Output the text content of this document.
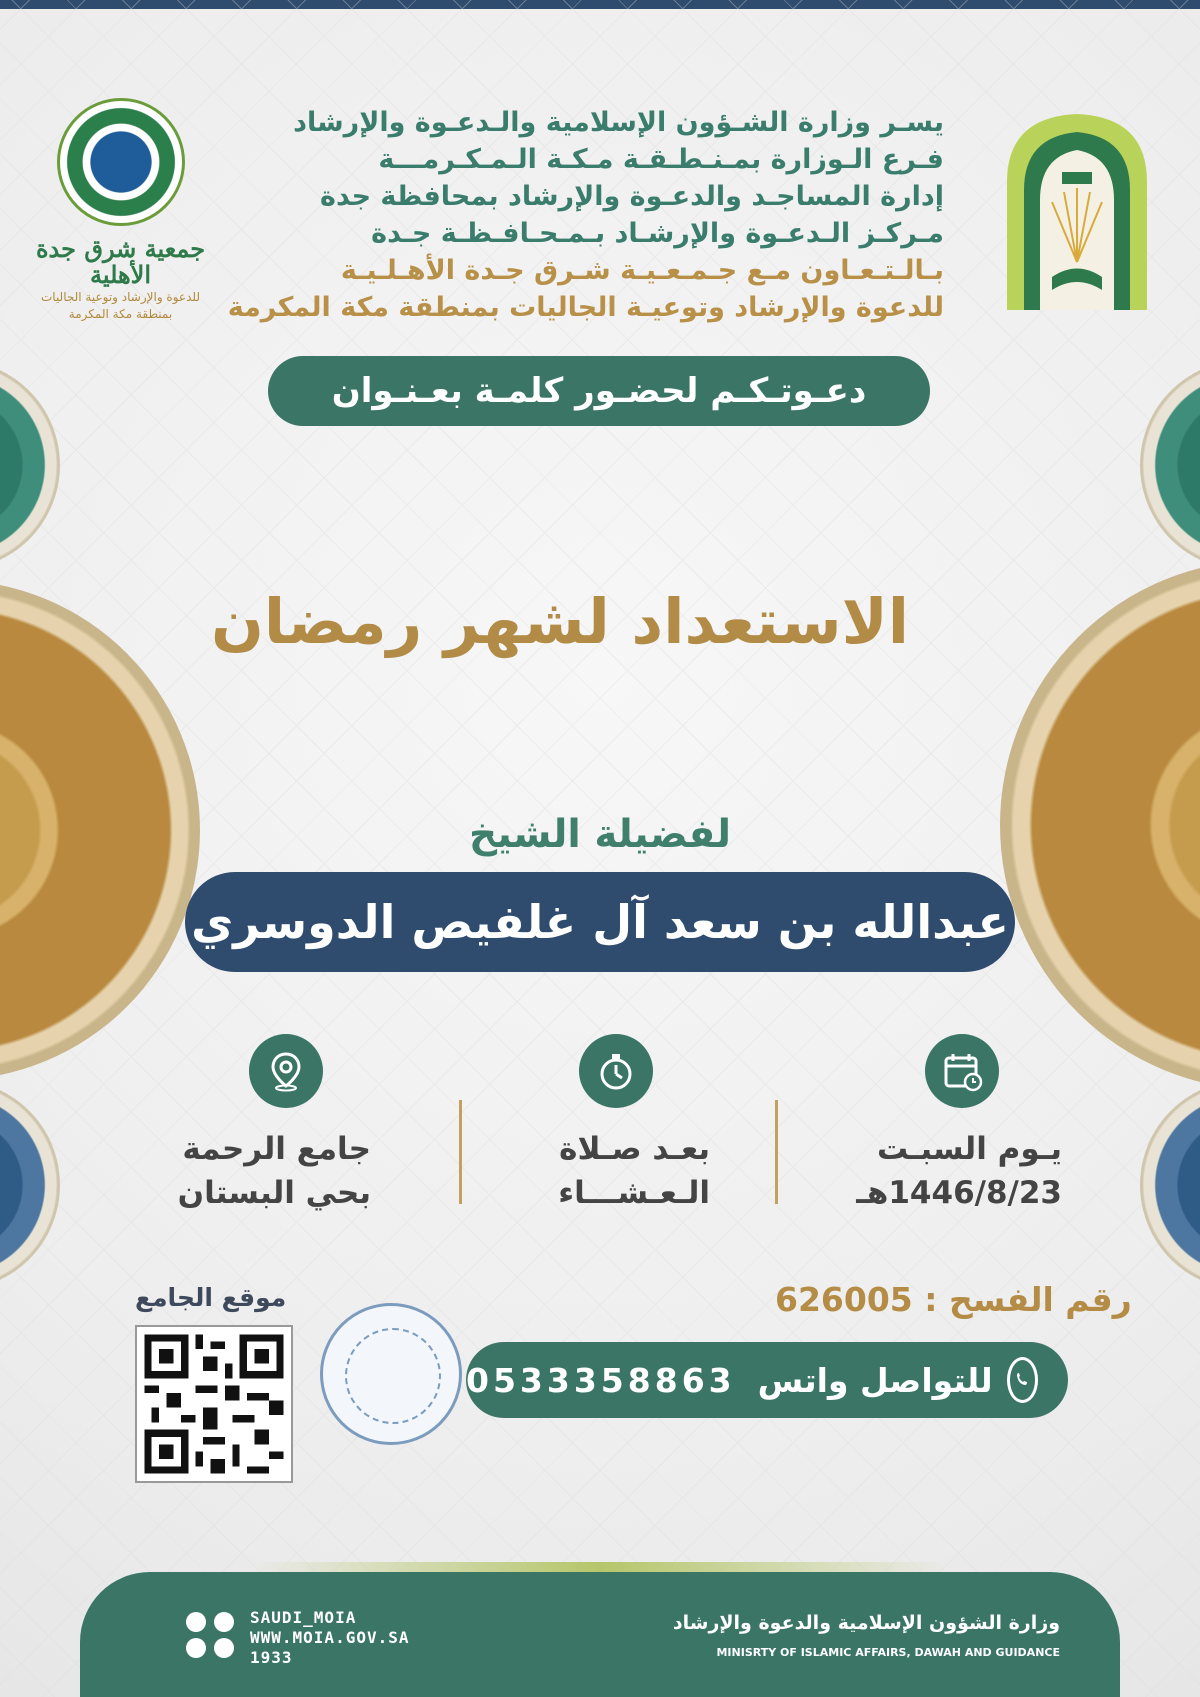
جمعية شرق جدة الأهلية
للدعوة والإرشاد وتوعية الجاليات
بمنطقة مكة المكرمة
يسـر وزارة الشـؤون الإسلامية والـدعـوة والإرشاد
فـرع الـوزارة بمـنـطـقـة مـكـة الـمـكـرمـــة
إدارة المساجـد والدعـوة والإرشاد بمحافظة جدة
مـركـز الـدعـوة والإرشـاد بـمـحـافـظـة جـدة
بـالـتـعـاون مـع جـمـعـيـة شـرق جـدة الأهـلـيـة
للدعوة والإرشاد وتوعيـة الجاليات بمنطقة مكة المكرمة
دعـوتـكـم لحضـور كلمـة بعـنـوان
الاستعداد لشهر رمضان
لفضيلة الشيخ
عبدالله بن سعد آل غلفيص الدوسري
يـوم السبـت
1446/8/23هـ
بعـد صـلاة
الـعـشـــاء
جامع الرحمة
بحي البستان
رقم الفسح : 626005
موقع الجامع
للتواصل واتس
0533358863
وزارة الشؤون الإسلامية والدعوة والإرشاد
MINISRTY OF ISLAMIC AFFAIRS, DAWAH AND GUIDANCE
SAUDI_MOIA
WWW.MOIA.GOV.SA
1933
